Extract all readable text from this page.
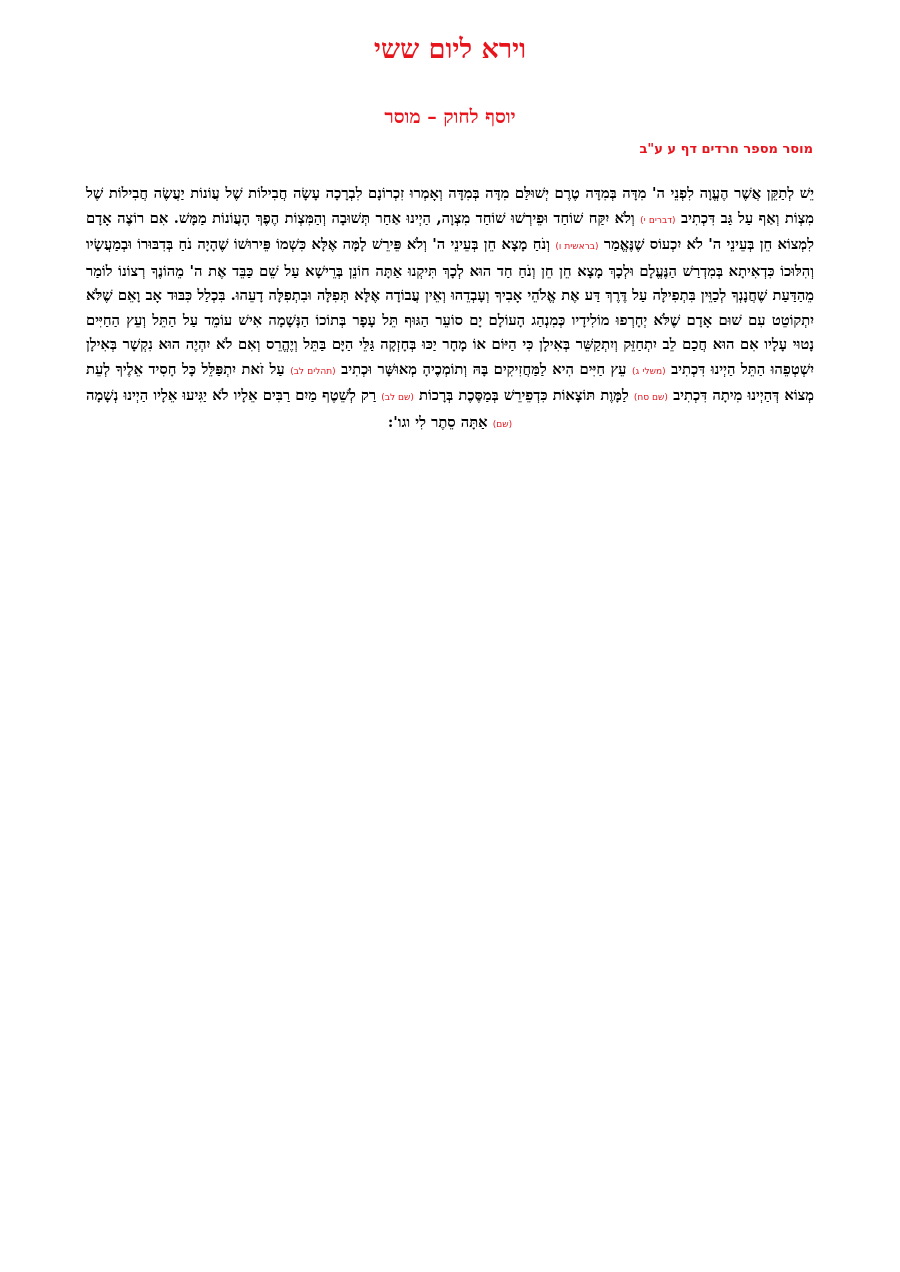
וירא ליום ששי
יוסף לחוק – מוסר
מוסר מספר חרדים דף ע ע"ב
יֵשׁ לְתַקֵּן אֲשֶׁר הֶעֱוָה לִפְנֵי ה' מִדָּה בְּמִדָּה טֶרֶם יְשׁוּלַּם מִדָּה בְּמִדָּה וְאָמְרוּ זִכְרוֹנָם לִבְרָכָה עָשָׂה חֲבִילוֹת שֶׁל עֲוֹנוֹת יַעֲשֶׂה חֲבִילוֹת שֶׁל מִצְוֹת וְאַף עַל גַּב דִּכְתִיב (דברים י) וְלֹא יִקַּח שׁוֹחַד וּפֵירְשׁוּ שׁוֹחַד מִצְוָה, הַיְינוּ אַחַר תְּשׁוּבָה וְהַמִּצְוֹת הֶפֶךְ הָעֲוֹנוֹת מַמָּשׁ. אִם רוֹצֶה אָדָם לִמְצוֹא חֵן בְּעֵינֵי ה' לֹא יִכְעוֹס שֶׁנֶּאֱמַר (בראשית ו) וְנֹחַ מָצָא חֵן בְּעֵינֵי ה' וְלֹא פֵּירֵשׁ לָמָּה אֶלָּא כִּשְׁמוֹ פֵּירוּשׁוֹ שֶׁהָיָה נֹחַ בְּדִבּוּרוֹ וּבְמַעֲשָׂיו וְהִלּוּכוֹ כִּדְאִיתָא בְּמִדְרַשׁ הַנֶּעֱלָם וּלְכָךְ מָצָא חֵן חֵן וְנֹחַ חַד הוּא לְכָךְ תִּיקְנוּ אַתָּה חוֹנֵן בְּרֵישָׁא עַל שֵׁם כַּבֵּד אֶת ה' מֵהוֹנֶךָ רְצוֹנוֹ לוֹמַר מֵהַדַּעַת שֶׁחֲנָנְךָ לְכַוֵּין בִּתְפִילָּה עַל דֶּרֶךְ דַּע אֶת אֱלֹהֵי אָבִיךָ וְעָבְדֵהוּ וְאֵין עֲבוֹדָה אֶלָּא תְּפִלָּה וּבִתְפִלָּה דָעֵהוּ. בִּכְלַל כִּבּוּד אָב וָאֵם שֶׁלֹּא יִתְקוֹטֵט עִם שׁוּם אָדָם שֶׁלֹּא יְחָרְפוּ מוֹלִידָיו כְּמִנְהַג הָעוֹלָם יָם סוֹעֵר הַגּוּף תֵּל עָפָר בְּתוֹכוֹ הַנְּשָׁמָה אִישׁ עוֹמֵד עַל הַתֵּל וְעֵץ הַחַיִּים נָטוּי עָלָיו אִם הוּא חֲכַם לֵב יִתְחַזֵּק וְיִתְקַשֵּׁר בְּאִילָן כִּי הַיּוֹם אוֹ מָחָר יַכּוּ בְּחָזְקָה גַּלֵּי הַיָּם בַּתֵּל וְיֶהֱרֵס וְאִם לֹא יִהְיֶה הוּא נִקְשָׁר בְּאִילָן יִשְׁטְפֵהוּ הַתֵּל הַיְינוּ דִּכְתִיב (משלי ג) עֵץ חַיִּים הִיא לַמַּחֲזִיקִים בָּהּ וְתוֹמְכֶיהָ מְאוּשָּׁר וּכְתִיב (תהלים לב) עַל זֹאת יִתְפַּלֵּל כָּל חָסִיד אֵלֶיךָ לְעֵת מְצוֹא דְּהַיְינוּ מִיתָה דִּכְתִיב (שם סח) לַמָּוֶת תּוֹצָאוֹת כִּדְפֵירֵשׁ בְּמַסֶּכֶת בְּרָכוֹת (שם לב) רַק לְשֵׁטֶף מַיִם רַבִּים אֵלָיו לֹא יַגִּיעוּ אֵלָיו הַיְינוּ נְשָׁמָה (שם) אַתָּה סֵתֶר לִי וגו':
